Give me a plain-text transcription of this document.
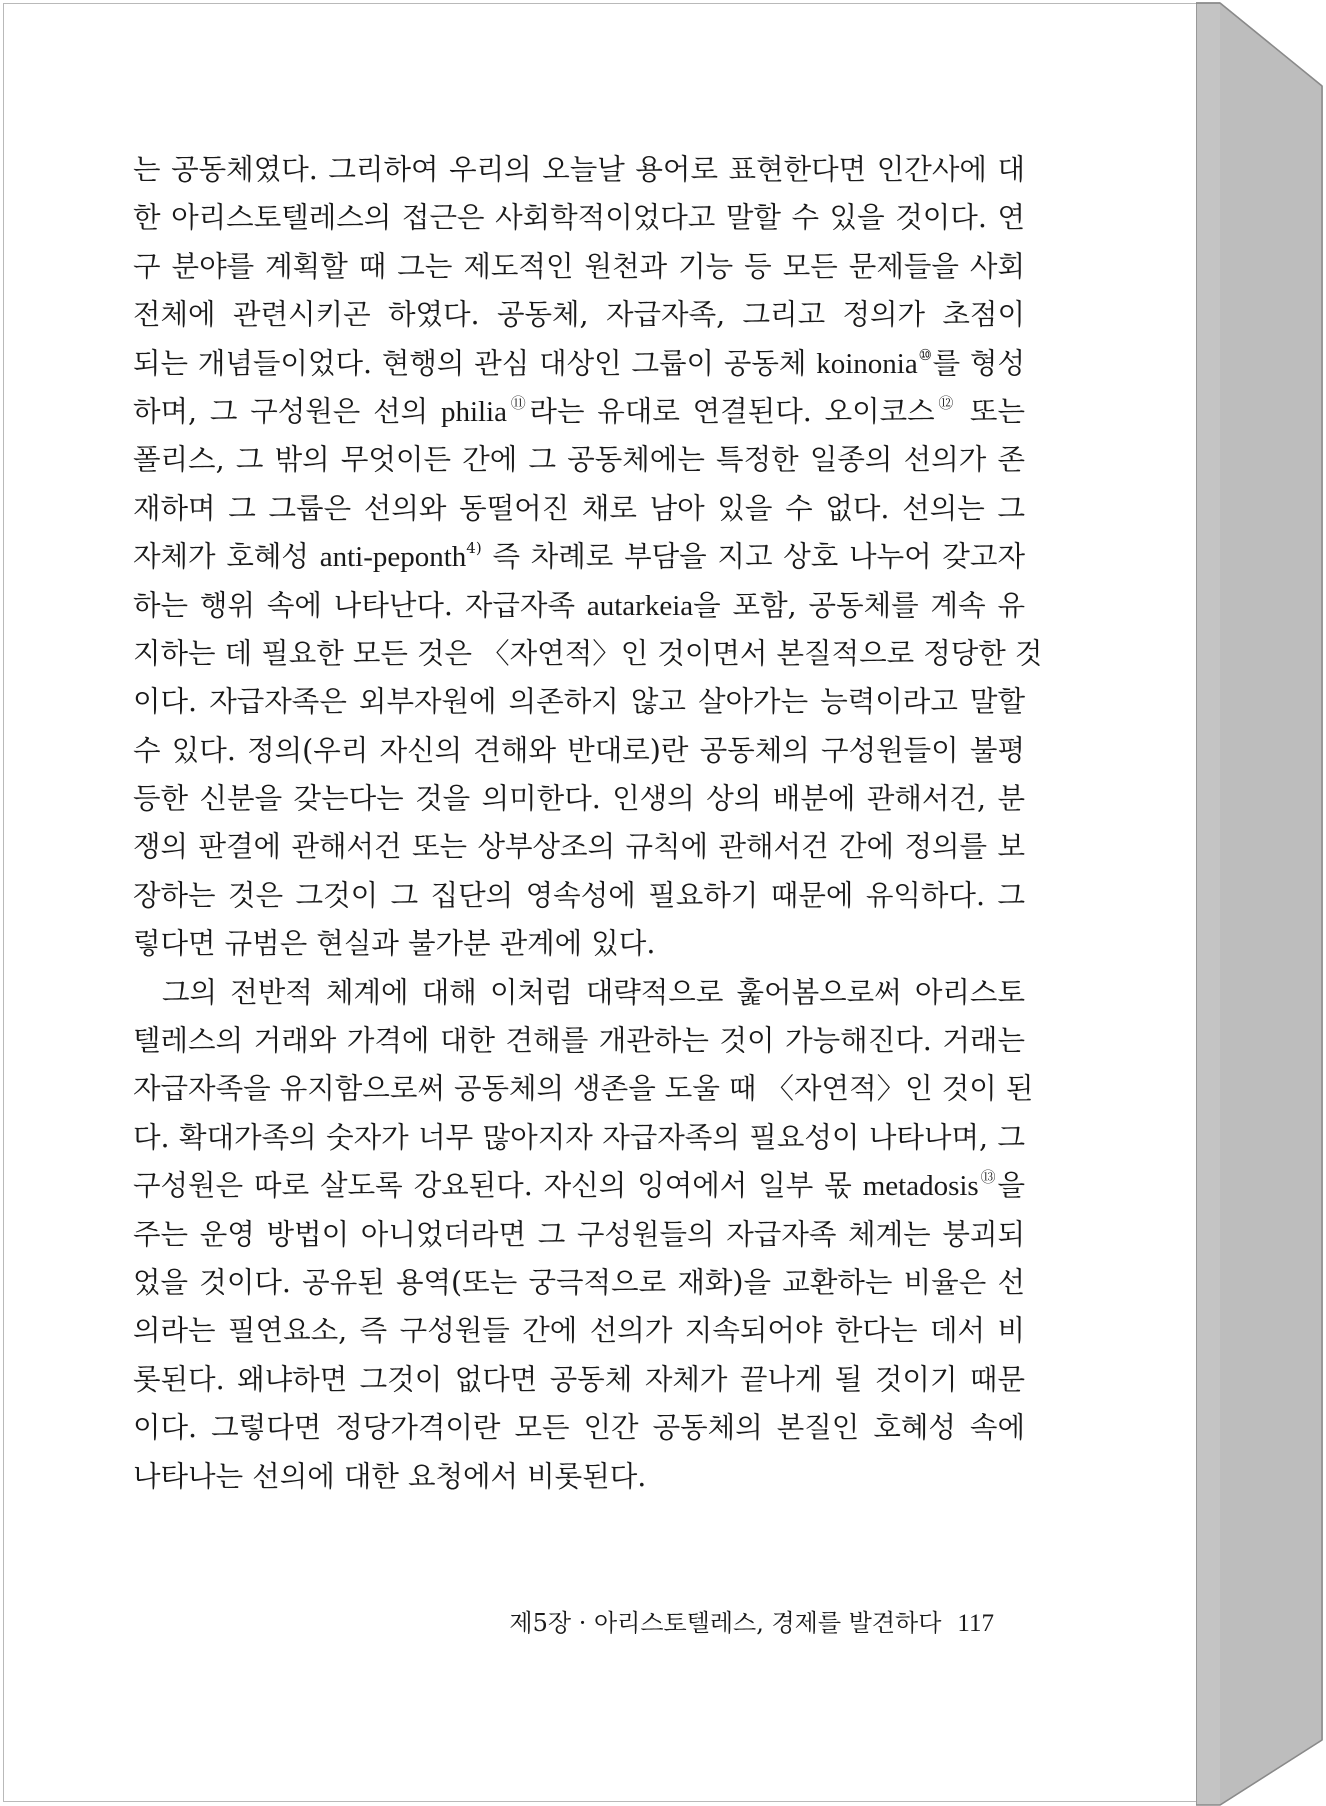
는 공동체였다. 그리하여 우리의 오늘날 용어로 표현한다면 인간사에 대
한 아리스토텔레스의 접근은 사회학적이었다고 말할 수 있을 것이다. 연
구 분야를 계획할 때 그는 제도적인 원천과 기능 등 모든 문제들을 사회
전체에 관련시키곤 하였다. 공동체, 자급자족, 그리고 정의가 초점이
되는 개념들이었다. 현행의 관심 대상인 그룹이 공동체 koinonia⑩를 형성
하며, 그 구성원은 선의 philia⑪라는 유대로 연결된다. 오이코스⑫ 또는
폴리스, 그 밖의 무엇이든 간에 그 공동체에는 특정한 일종의 선의가 존
재하며 그 그룹은 선의와 동떨어진 채로 남아 있을 수 없다. 선의는 그
자체가 호혜성 anti-peponth$^{4)}$ 즉 차례로 부담을 지고 상호 나누어 갖고자
하는 행위 속에 나타난다. 자급자족 autarkeia을 포함, 공동체를 계속 유
지하는 데 필요한 모든 것은 〈자연적〉인 것이면서 본질적으로 정당한 것
이다. 자급자족은 외부자원에 의존하지 않고 살아가는 능력이라고 말할
수 있다. 정의(우리 자신의 견해와 반대로)란 공동체의 구성원들이 불평
등한 신분을 갖는다는 것을 의미한다. 인생의 상의 배분에 관해서건, 분
쟁의 판결에 관해서건 또는 상부상조의 규칙에 관해서건 간에 정의를 보
장하는 것은 그것이 그 집단의 영속성에 필요하기 때문에 유익하다. 그
렇다면 규범은 현실과 불가분 관계에 있다.
그의 전반적 체계에 대해 이처럼 대략적으로 훑어봄으로써 아리스토
텔레스의 거래와 가격에 대한 견해를 개관하는 것이 가능해진다. 거래는
자급자족을 유지함으로써 공동체의 생존을 도울 때 〈자연적〉인 것이 된
다. 확대가족의 숫자가 너무 많아지자 자급자족의 필요성이 나타나며, 그
구성원은 따로 살도록 강요된다. 자신의 잉여에서 일부 몫 metadosis⑬을
주는 운영 방법이 아니었더라면 그 구성원들의 자급자족 체계는 붕괴되
었을 것이다. 공유된 용역(또는 궁극적으로 재화)을 교환하는 비율은 선
의라는 필연요소, 즉 구성원들 간에 선의가 지속되어야 한다는 데서 비
롯된다. 왜냐하면 그것이 없다면 공동체 자체가 끝나게 될 것이기 때문
이다. 그렇다면 정당가격이란 모든 인간 공동체의 본질인 호혜성 속에
나타나는 선의에 대한 요청에서 비롯된다.
제5장 · 아리스토텔레스, 경제를 발견하다 117
